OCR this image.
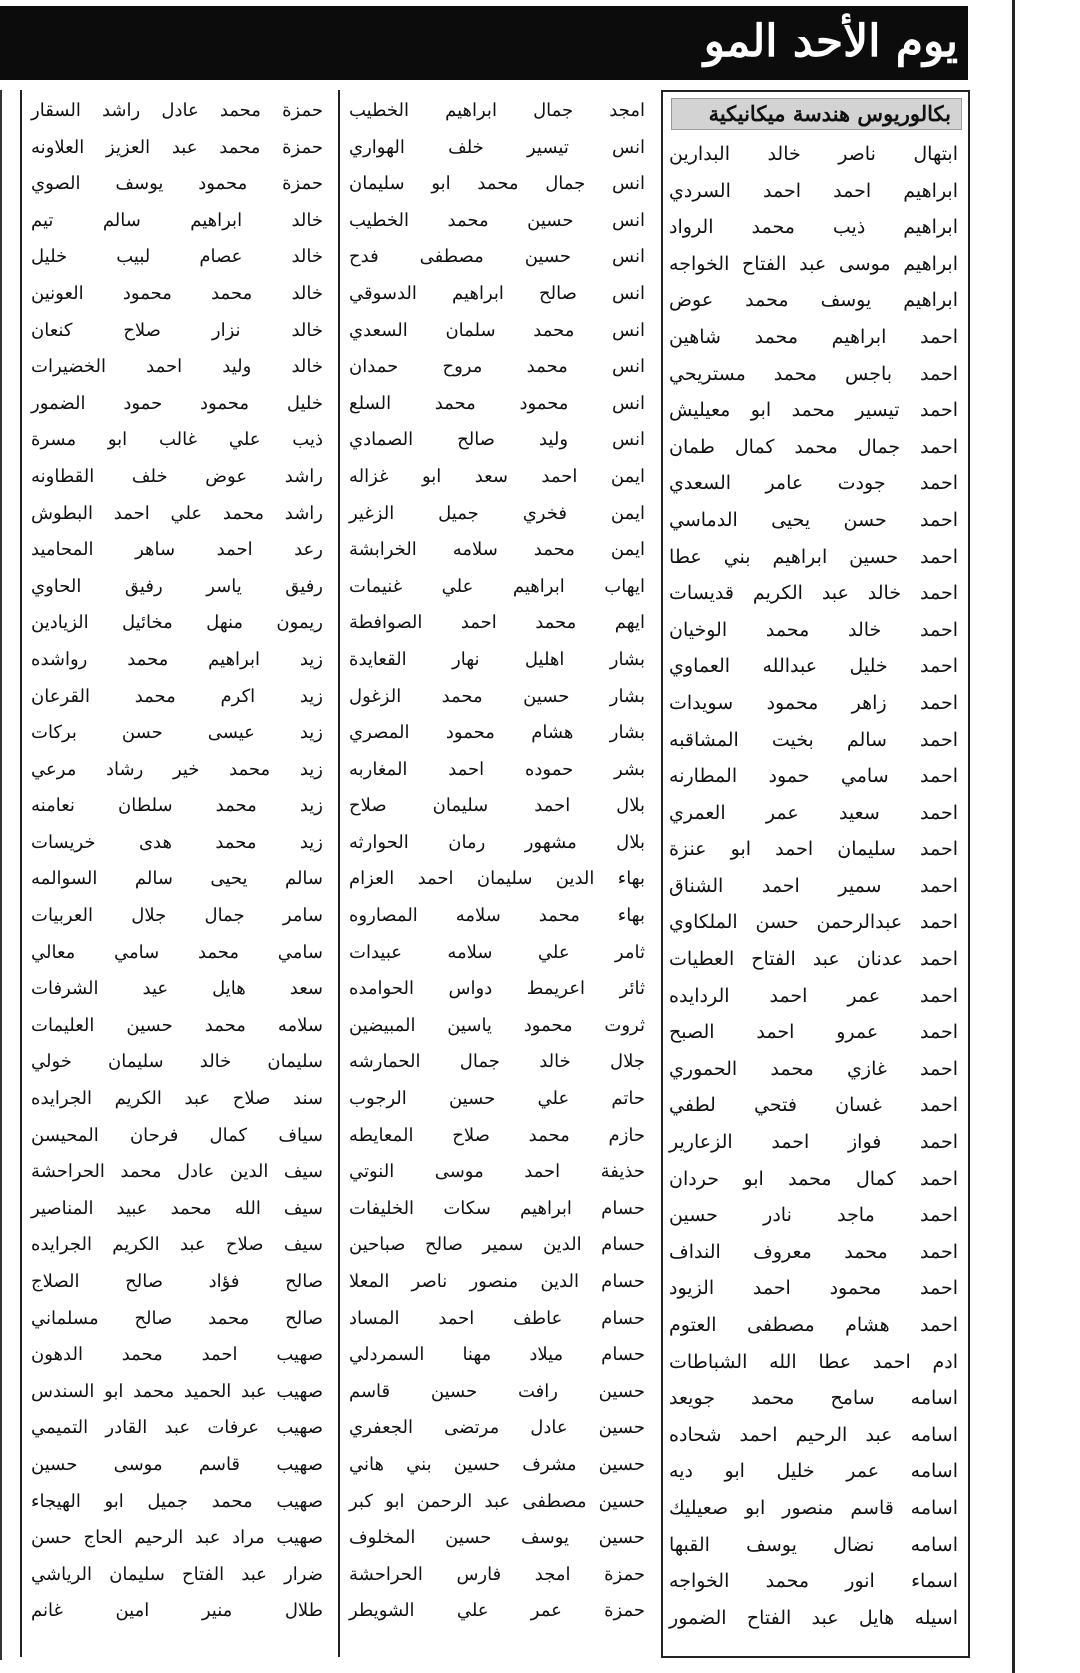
يوم الأحد المو
بكالوريوس هندسة ميكانيكية
ابتهال
ناصر
خالد
البدارين
ابراهيم
احمد
احمد
السردي
ابراهيم
ذيب
محمد
الرواد
ابراهيم
موسى
عبد
الفتاح
الخواجه
ابراهيم
يوسف
محمد
عوض
احمد
ابراهيم
محمد
شاهين
احمد
باجس
محمد
مستريحي
احمد
تيسير
محمد
ابو
معيليش
احمد
جمال
محمد
كمال
طمان
احمد
جودت
عامر
السعدي
احمد
حسن
يحيى
الدماسي
احمد
حسين
ابراهيم
بني
عطا
احمد
خالد
عبد
الكريم
قديسات
احمد
خالد
محمد
الوخيان
احمد
خليل
عبدالله
العماوي
احمد
زاهر
محمود
سويدات
احمد
سالم
بخيت
المشاقبه
احمد
سامي
حمود
المطارنه
احمد
سعيد
عمر
العمري
احمد
سليمان
احمد
ابو
عنزة
احمد
سمير
احمد
الشناق
احمد
عبدالرحمن
حسن
الملكاوي
احمد
عدنان
عبد
الفتاح
العطيات
احمد
عمر
احمد
الردايده
احمد
عمرو
احمد
الصبح
احمد
غازي
محمد
الحموري
احمد
غسان
فتحي
لطفي
احمد
فواز
احمد
الزعارير
احمد
كمال
محمد
ابو
حردان
احمد
ماجد
نادر
حسين
احمد
محمد
معروف
النداف
احمد
محمود
احمد
الزيود
احمد
هشام
مصطفى
العتوم
ادم
احمد
عطا
الله
الشباطات
اسامه
سامح
محمد
جويعد
اسامه
عبد
الرحيم
احمد
شحاده
اسامه
عمر
خليل
ابو
ديه
اسامه
قاسم
منصور
ابو
صعيليك
اسامه
نضال
يوسف
القبها
اسماء
انور
محمد
الخواجه
اسيله
هايل
عبد
الفتاح
الضمور
امجد
جمال
ابراهيم
الخطيب
انس
تيسير
خلف
الهواري
انس
جمال
محمد
ابو
سليمان
انس
حسين
محمد
الخطيب
انس
حسين
مصطفى
فدح
انس
صالح
ابراهيم
الدسوقي
انس
محمد
سلمان
السعدي
انس
محمد
مروح
حمدان
انس
محمود
محمد
السلع
انس
وليد
صالح
الصمادي
ايمن
احمد
سعد
ابو
غزاله
ايمن
فخري
جميل
الزغير
ايمن
محمد
سلامه
الخرابشة
ايهاب
ابراهيم
علي
غنيمات
ايهم
محمد
احمد
الصوافطة
بشار
اهليل
نهار
القعايدة
بشار
حسين
محمد
الزغول
بشار
هشام
محمود
المصري
بشر
حموده
احمد
المغاربه
بلال
احمد
سليمان
صلاح
بلال
مشهور
رمان
الحوارثه
بهاء
الدين
سليمان
احمد
العزام
بهاء
محمد
سلامه
المصاروه
ثامر
علي
سلامه
عبيدات
ثائر
اعريمط
دواس
الحوامده
ثروت
محمود
ياسين
المبيضين
جلال
خالد
جمال
الحمارشه
حاتم
علي
حسين
الرجوب
حازم
محمد
صلاح
المعايطه
حذيفة
احمد
موسى
النوتي
حسام
ابراهيم
سكات
الخليفات
حسام
الدين
سمير
صالح
صباحين
حسام
الدين
منصور
ناصر
المعلا
حسام
عاطف
احمد
المساد
حسام
ميلاد
مهنا
السمردلي
حسين
رافت
حسين
قاسم
حسين
عادل
مرتضى
الجعفري
حسين
مشرف
حسين
بني
هاني
حسين
مصطفى
عبد
الرحمن
ابو
كبر
حسين
يوسف
حسين
المخلوف
حمزة
امجد
فارس
الحراحشة
حمزة
عمر
علي
الشويطر
حمزة
محمد
عادل
راشد
السقار
حمزة
محمد
عبد
العزيز
العلاونه
حمزة
محمود
يوسف
الصوي
خالد
ابراهيم
سالم
تيم
خالد
عصام
لبيب
خليل
خالد
محمد
محمود
العونين
خالد
نزار
صلاح
كنعان
خالد
وليد
احمد
الخضيرات
خليل
محمود
حمود
الضمور
ذيب
علي
غالب
ابو
مسرة
راشد
عوض
خلف
القطاونه
راشد
محمد
علي
احمد
البطوش
رعد
احمد
ساهر
المحاميد
رفيق
ياسر
رفيق
الحاوي
ريمون
منهل
مخائيل
الزيادين
زيد
ابراهيم
محمد
رواشده
زيد
اكرم
محمد
القرعان
زيد
عيسى
حسن
بركات
زيد
محمد
خير
رشاد
مرعي
زيد
محمد
سلطان
نعامنه
زيد
محمد
هدى
خريسات
سالم
يحيى
سالم
السوالمه
سامر
جمال
جلال
العربيات
سامي
محمد
سامي
معالي
سعد
هايل
عيد
الشرفات
سلامه
محمد
حسين
العليمات
سليمان
خالد
سليمان
خولي
سند
صلاح
عبد
الكريم
الجرايده
سياف
كمال
فرحان
المحيسن
سيف
الدين
عادل
محمد
الحراحشة
سيف
الله
محمد
عبيد
المناصير
سيف
صلاح
عبد
الكريم
الجرايده
صالح
فؤاد
صالح
الصلاج
صالح
محمد
صالح
مسلماني
صهيب
احمد
محمد
الدهون
صهيب
عبد
الحميد
محمد
ابو
السندس
صهيب
عرفات
عبد
القادر
التميمي
صهيب
قاسم
موسى
حسين
صهيب
محمد
جميل
ابو
الهيجاء
صهيب
مراد
عبد
الرحيم
الحاج
حسن
ضرار
عبد
الفتاح
سليمان
الرياشي
طلال
منير
امين
غانم
